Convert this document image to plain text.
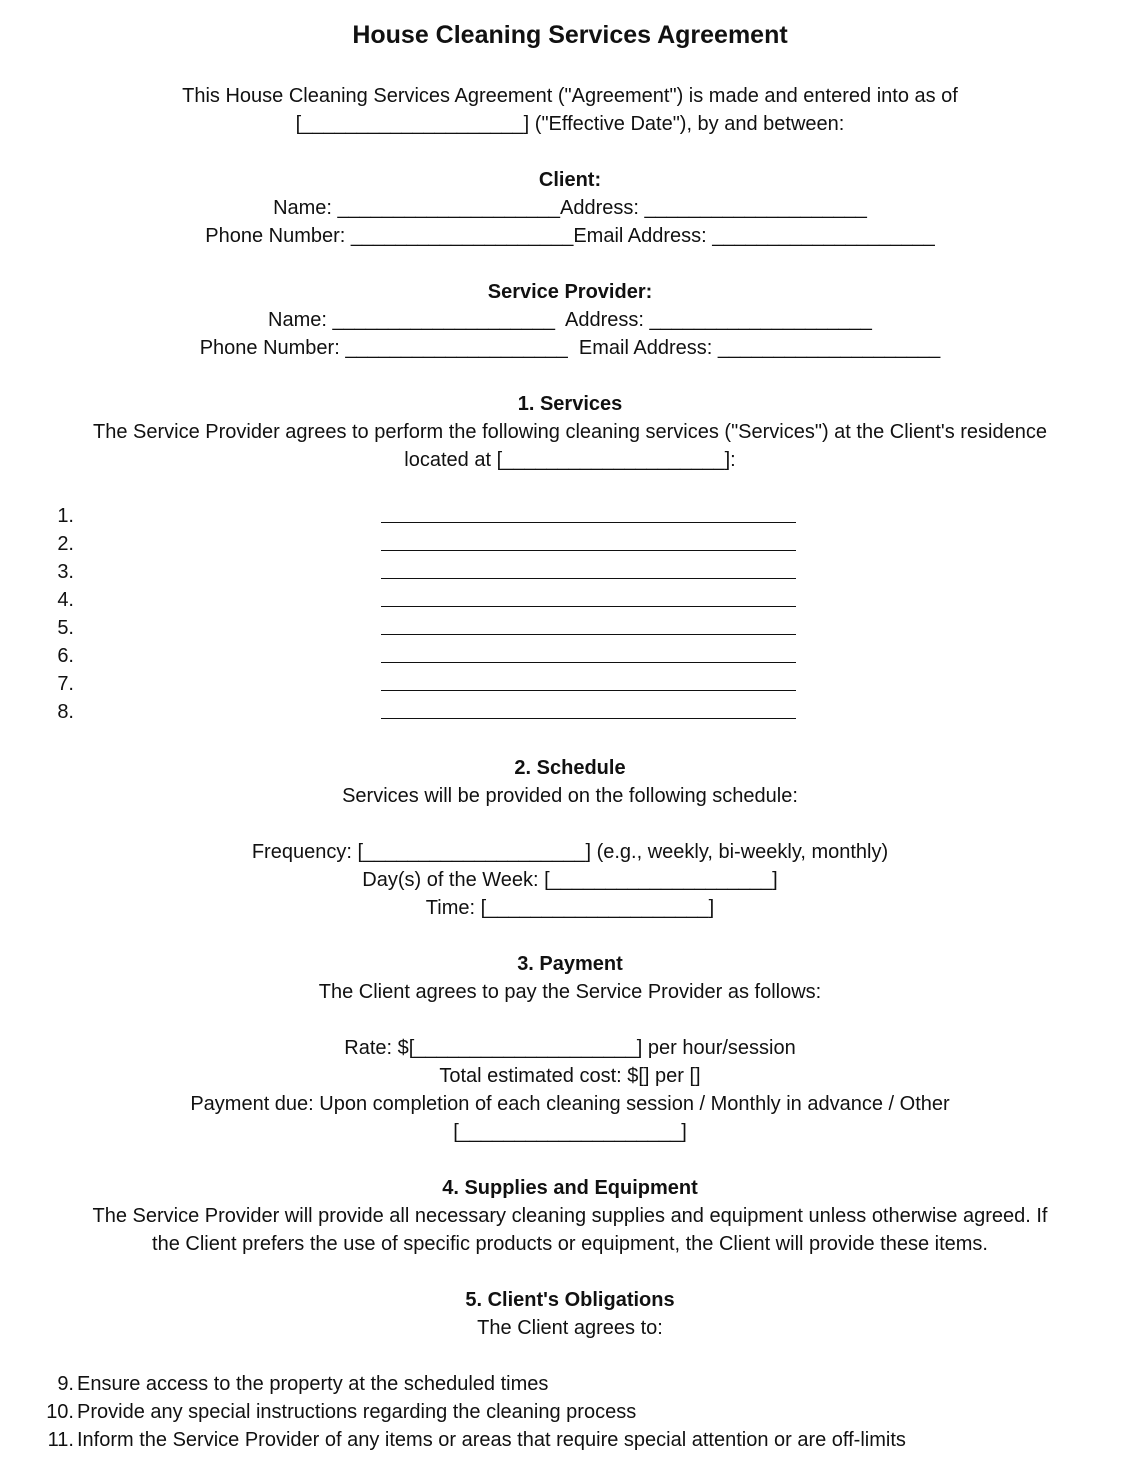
House Cleaning Services Agreement
This House Cleaning Services Agreement ("Agreement") is made and entered into as of
[____________________] ("Effective Date"), by and between:
Client:
Name: ____________________Address: ____________________
Phone Number: ____________________Email Address: ____________________
Service Provider:
Name: ____________________  Address: ____________________
Phone Number: ____________________  Email Address: ____________________
1. Services
The Service Provider agrees to perform the following cleaning services ("Services") at the Client's residence
located at [____________________]:
1.
2.
3.
4.
5.
6.
7.
8.
2. Schedule
Services will be provided on the following schedule:
Frequency: [____________________] (e.g., weekly, bi-weekly, monthly)
Day(s) of the Week: [____________________]
Time: [____________________]
3. Payment
The Client agrees to pay the Service Provider as follows:
Rate: $[____________________] per hour/session
Total estimated cost: $[] per []
Payment due: Upon completion of each cleaning session / Monthly in advance / Other
[____________________]
4. Supplies and Equipment
The Service Provider will provide all necessary cleaning supplies and equipment unless otherwise agreed. If
the Client prefers the use of specific products or equipment, the Client will provide these items.
5. Client's Obligations
The Client agrees to:
9. Ensure access to the property at the scheduled times
10. Provide any special instructions regarding the cleaning process
11. Inform the Service Provider of any items or areas that require special attention or are off-limits
